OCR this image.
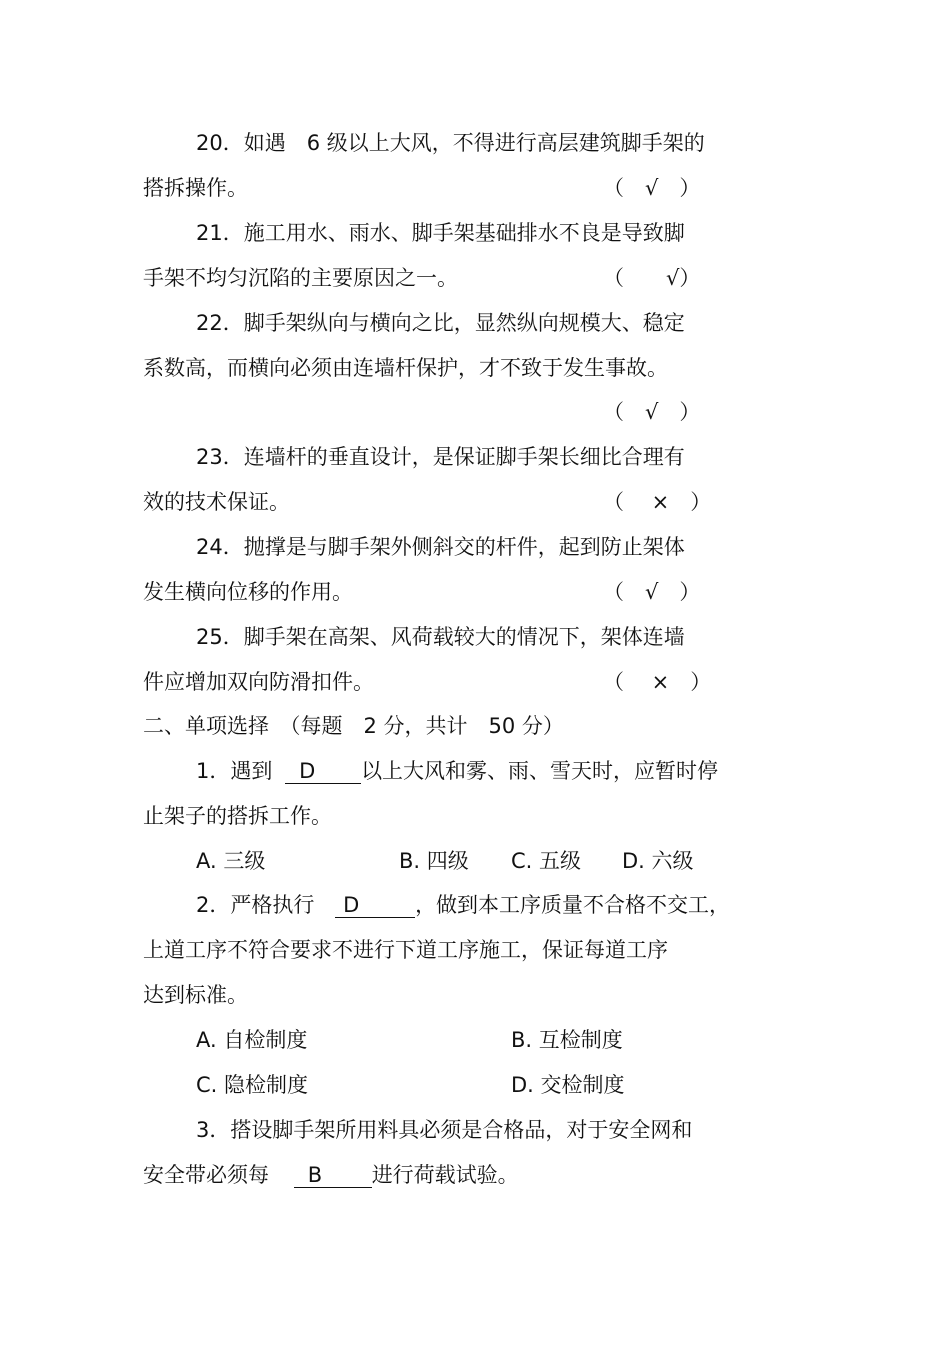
20．如遇　6 级以上大风，不得进行高层建筑脚手架的
搭拆操作。	（　√　）
21．施工用水、雨水、脚手架基础排水不良是导致脚
手架不均匀沉陷的主要原因之一。	（　　√）
22．脚手架纵向与横向之比，显然纵向规模大、稳定
系数高，而横向必须由连墙杆保护，才不致于发生事故。
（　√　）
23．连墙杆的垂直设计，是保证脚手架长细比合理有
效的技术保证。	（　 ×　）
24．抛撑是与脚手架外侧斜交的杆件，起到防止架体
发生横向位移的作用。	（　√　）
25．脚手架在高架、风荷载较大的情况下，架体连墙
件应增加双向防滑扣件。	（　 ×　）
二、单项选择　（每题　2 分，共计　50 分）
1．遇到 D 以上大风和雾、雨、雪天时，应暂时停
止架子的搭拆工作。
A. 三级	B. 四级 C. 五级 D. 六级
2．严格执行 D	，做到本工序质量不合格不交工，
上道工序不符合要求不进行下道工序施工，保证每道工序
达到标准。
A. 自检制度	B. 互检制度
C. 隐检制度	D. 交检制度
3．搭设脚手架所用料具必须是合格品，对于安全网和
安全带必须每 B 进行荷载试验。
